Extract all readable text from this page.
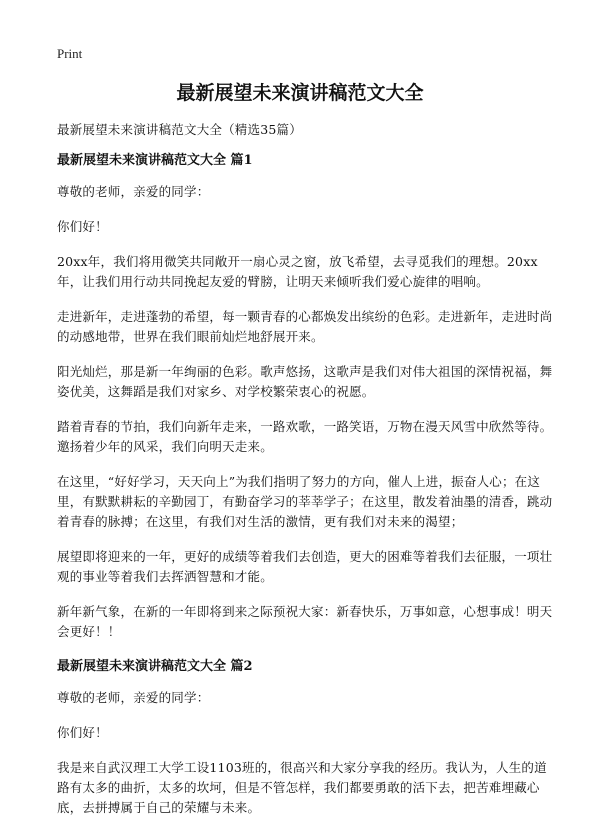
Print
最新展望未来演讲稿范文大全

最新展望未来演讲稿范文大全（精选35篇）

最新展望未来演讲稿范文大全 篇1

尊敬的老师，亲爱的同学：

你们好！

20xx年，我们将用微笑共同敞开一扇心灵之窗，放飞希望，去寻觅我们的理想。20xx年，让我们用行动共同挽起友爱的臂膀，让明天来倾听我们爱心旋律的唱响。

走进新年，走进蓬勃的希望，每一颗青春的心都焕发出缤纷的色彩。走进新年，走进时尚的动感地带，世界在我们眼前灿烂地舒展开来。

阳光灿烂，那是新一年绚丽的色彩。歌声悠扬，这歌声是我们对伟大祖国的深情祝福，舞姿优美，这舞蹈是我们对家乡、对学校繁荣衷心的祝愿。

踏着青春的节拍，我们向新年走来，一路欢歌，一路笑语，万物在漫天风雪中欣然等待。邀扬着少年的风采，我们向明天走来。

在这里，“好好学习，天天向上”为我们指明了努力的方向，催人上进，振奋人心；在这里，有默默耕耘的辛勤园丁，有勤奋学习的莘莘学子；在这里，散发着油墨的清香，跳动着青春的脉搏；在这里，有我们对生活的激情，更有我们对未来的渴望；

展望即将迎来的一年，更好的成绩等着我们去创造，更大的困难等着我们去征服，一项壮观的事业等着我们去挥洒智慧和才能。

新年新气象，在新的一年即将到来之际预祝大家：新春快乐，万事如意，心想事成！明天会更好！！

最新展望未来演讲稿范文大全 篇2

尊敬的老师，亲爱的同学：

你们好！

我是来自武汉理工大学工设1103班的，很高兴和大家分享我的经历。我认为，人生的道路有太多的曲折，太多的坎坷，但是不管怎样，我们都要勇敢的活下去，把苦难埋藏心底，去拼搏属于自己的荣耀与未来。
